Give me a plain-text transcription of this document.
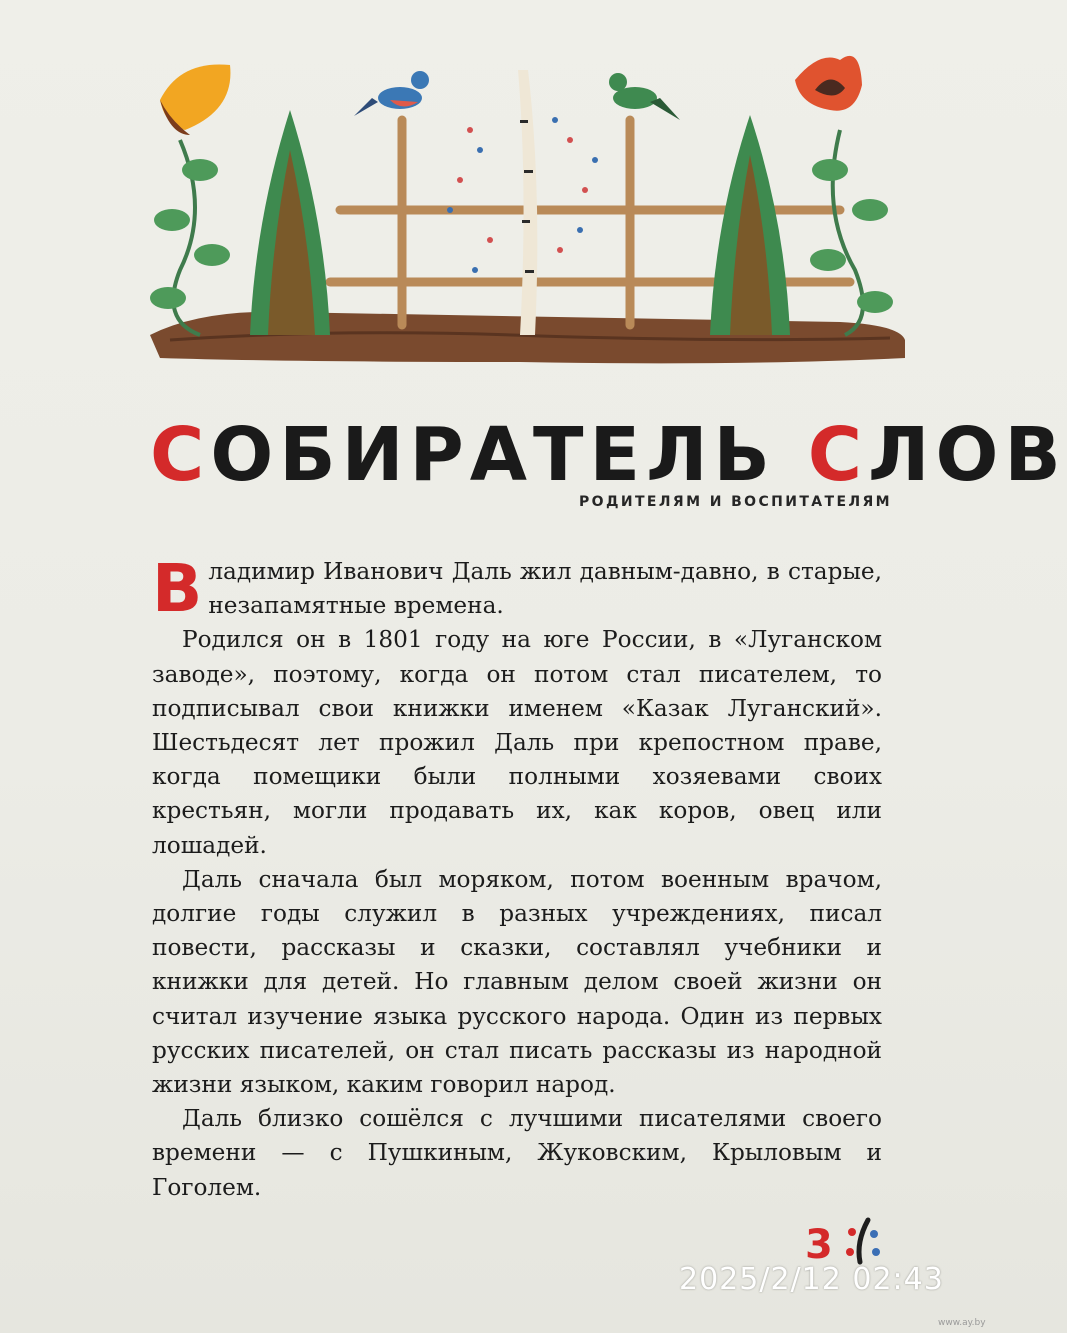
СОБИРАТЕЛЬ СЛОВ
РОДИТЕЛЯМ И ВОСПИТАТЕЛЯМ

Владимир Иванович Даль жил давным-давно, в старые, незапамятные времена.

Родился он в 1801 году на юге России, в «Луганском заводе», поэтому, когда он потом стал писателем, то подписывал свои книжки именем «Казак Луганский». Шестьдесят лет прожил Даль при крепостном праве, когда помещики были полными хозяевами своих крестьян, могли продавать их, как коров, овец или лошадей.

Даль сначала был моряком, потом военным врачом, долгие годы служил в разных учреждениях, писал повести, рассказы и сказки, составлял учебники и книжки для детей. Но главным делом своей жизни он считал изучение языка русского народа. Один из первых русских писателей, он стал писать рассказы из народной жизни языком, каким говорил народ.

Даль близко сошёлся с лучшими писателями своего времени — с Пушкиным, Жуковским, Крыловым и Гоголем.

3
2025/2/12 02:43
www.ay.by
